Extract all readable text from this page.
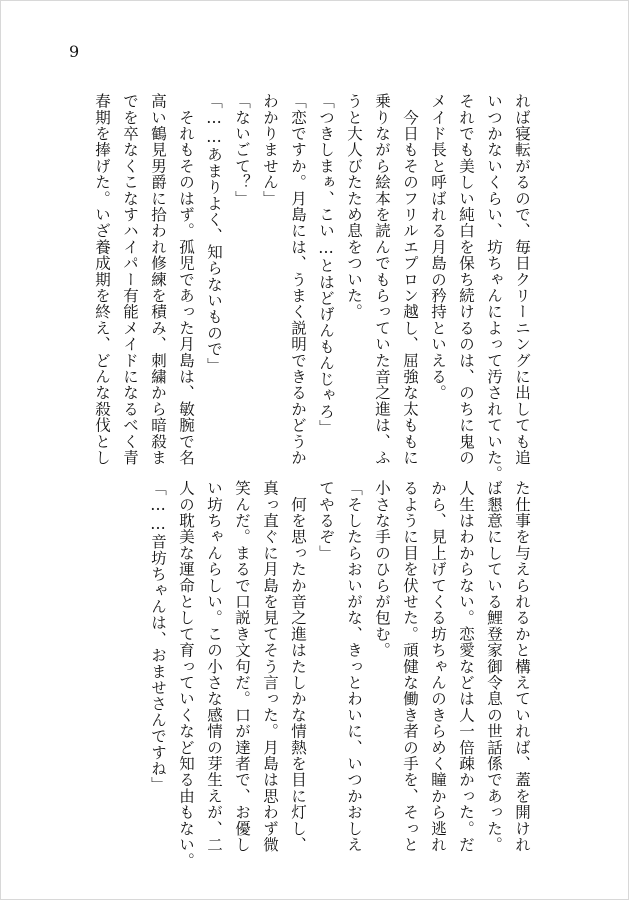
9
れば寝転がるので、毎日クリーニングに出しても追
いつかないくらい、坊ちゃんによって汚されていた。
それでも美しい純白を保ち続けるのは、のちに鬼の
メイド長と呼ばれる月島の矜持といえる。
　今日もそのフリルエプロン越し、屈強な太ももに
乗りながら絵本を読んでもらっていた音之進は、ふ
うと大人びたため息をついた。
「つきしまぁ、こい…とはどげんもんじゃろ」
「恋ですか。月島には、うまく説明できるかどうか
わかりません」
「ないごて？」
「……あまりよく、知らないもので」
　それもそのはず。孤児であった月島は、敏腕で名
高い鶴見男爵に拾われ修練を積み、刺繍から暗殺ま
でを卒なくこなすハイパー有能メイドになるべく青
春期を捧げた。いざ養成期を終え、どんな殺伐とし
た仕事を与えられるかと構えていれば、蓋を開けれ
ば懇意にしている鯉登家御令息の世話係であった。
人生はわからない。恋愛などは人一倍疎かった。だ
から、見上げてくる坊ちゃんのきらめく瞳から逃れ
るように目を伏せた。頑健な働き者の手を、そっと
小さな手のひらが包む。
「そしたらおいがな、きっとわいに、いつかおしえ
てやるぞ」
　何を思ったか音之進はたしかな情熱を目に灯し、
真っ直ぐに月島を見てそう言った。月島は思わず微
笑んだ。まるで口説き文句だ。口が達者で、お優し
い坊ちゃんらしい。この小さな感情の芽生えが、二
人の耽美な運命として育っていくなど知る由もない。
「……音坊ちゃんは、おませさんですね」
